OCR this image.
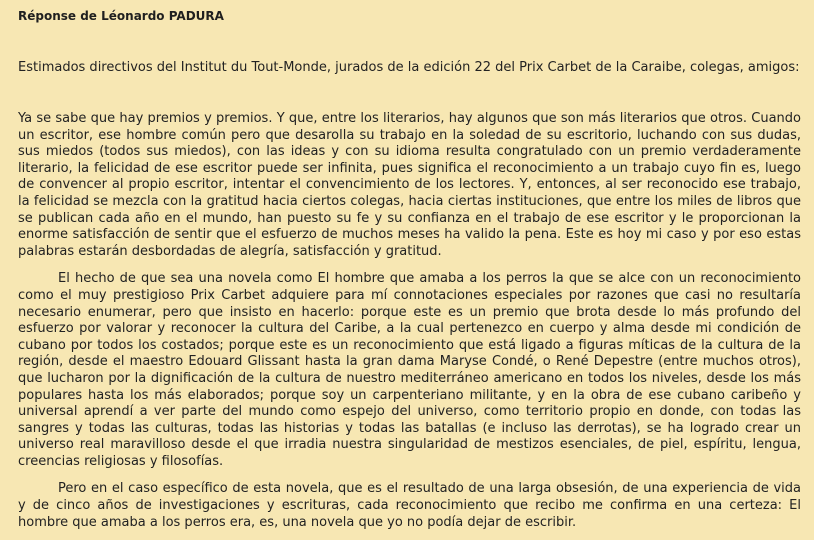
Réponse de Léonardo PADURA

Estimados directivos del Institut du Tout-Monde, jurados de la edición 22 del Prix Carbet de la Caraibe, colegas, amigos:

Ya se sabe que hay premios y premios. Y que, entre los literarios, hay algunos que son más literarios que otros. Cuando un escritor, ese hombre común pero que desarolla su trabajo en la soledad de su escritorio, luchando con sus dudas, sus miedos (todos sus miedos), con las ideas y con su idioma resulta congratulado con un premio verdaderamente literario, la felicidad de ese escritor puede ser infinita, pues significa el reconocimiento a un trabajo cuyo fin es, luego de convencer al propio escritor, intentar el convencimiento de los lectores. Y, entonces, al ser reconocido ese trabajo, la felicidad se mezcla con la gratitud hacia ciertos colegas, hacia ciertas instituciones, que entre los miles de libros que se publican cada año en el mundo, han puesto su fe y su confianza en el trabajo de ese escritor y le proporcionan la enorme satisfacción de sentir que el esfuerzo de muchos meses ha valido la pena. Este es hoy mi caso y por eso estas palabras estarán desbordadas de alegría, satisfacción y gratitud.

El hecho de que sea una novela como El hombre que amaba a los perros la que se alce con un reconocimiento como el muy prestigioso Prix Carbet adquiere para mí connotaciones especiales por razones que casi no resultaría necesario enumerar, pero que insisto en hacerlo: porque este es un premio que brota desde lo más profundo del esfuerzo por valorar y reconocer la cultura del Caribe, a la cual pertenezco en cuerpo y alma desde mi condición de cubano por todos los costados; porque este es un reconocimiento que está ligado a figuras míticas de la cultura de la región, desde el maestro Edouard Glissant hasta la gran dama Maryse Condé, o René Depestre (entre muchos otros), que lucharon por la dignificación de la cultura de nuestro mediterráneo americano en todos los niveles, desde los más populares hasta los más elaborados; porque soy un carpenteriano militante, y en la obra de ese cubano caribeño y universal aprendí a ver parte del mundo como espejo del universo, como territorio propio en donde, con todas las sangres y todas las culturas, todas las historias y todas las batallas (e incluso las derrotas), se ha logrado crear un universo real maravilloso desde el que irradia nuestra singularidad de mestizos esenciales, de piel, espíritu, lengua, creencias religiosas y filosofías.

Pero en el caso específico de esta novela, que es el resultado de una larga obsesión, de una experiencia de vida y de cinco años de investigaciones y escrituras, cada reconocimiento que recibo me confirma en una certeza: El hombre que amaba a los perros era, es, una novela que yo no podía dejar de escribir.
